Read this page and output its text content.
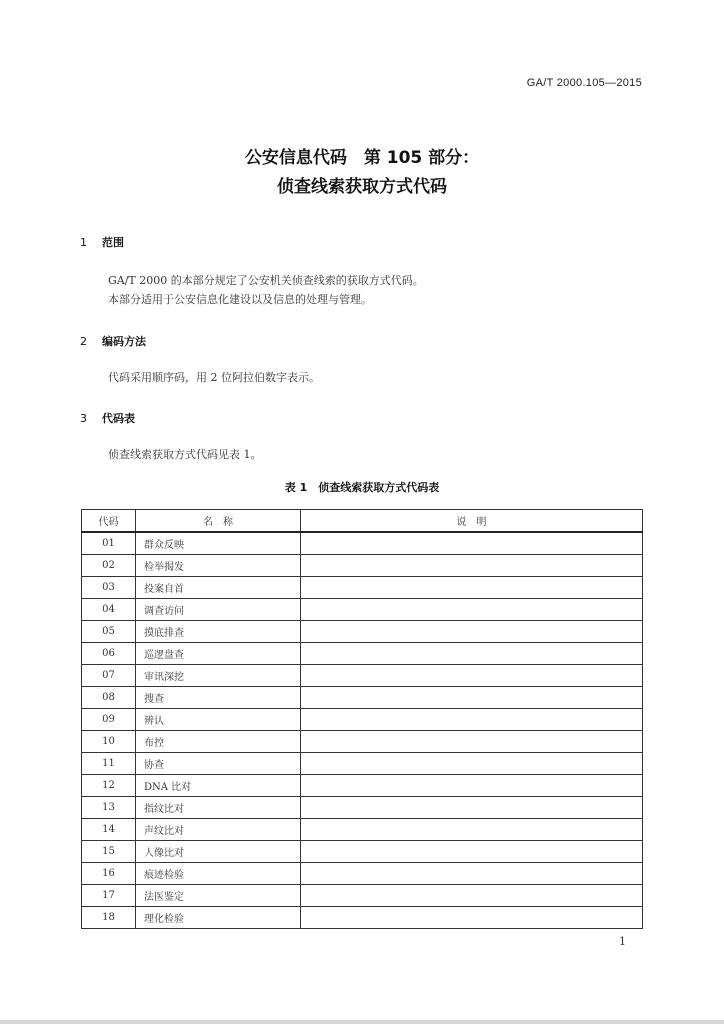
GA/T 2000.105—2015
公安信息代码　第 105 部分：
侦查线索获取方式代码
1 范围
GA/T 2000 的本部分规定了公安机关侦查线索的获取方式代码。
本部分适用于公安信息化建设以及信息的处理与管理。
2 编码方法
代码采用顺序码，用 2 位阿拉伯数字表示。
3 代码表
侦查线索获取方式代码见表 1。
表 1　侦查线索获取方式代码表
代码	名　称	说　明
01	群众反映	
02	检举揭发	
03	投案自首	
04	调查访问	
05	摸底排查	
06	巡逻盘查	
07	审讯深挖	
08	搜查	
09	辨认	
10	布控	
11	协查	
12	DNA 比对	
13	指纹比对	
14	声纹比对	
15	人像比对	
16	痕迹检验	
17	法医鉴定	
18	理化检验	
1
